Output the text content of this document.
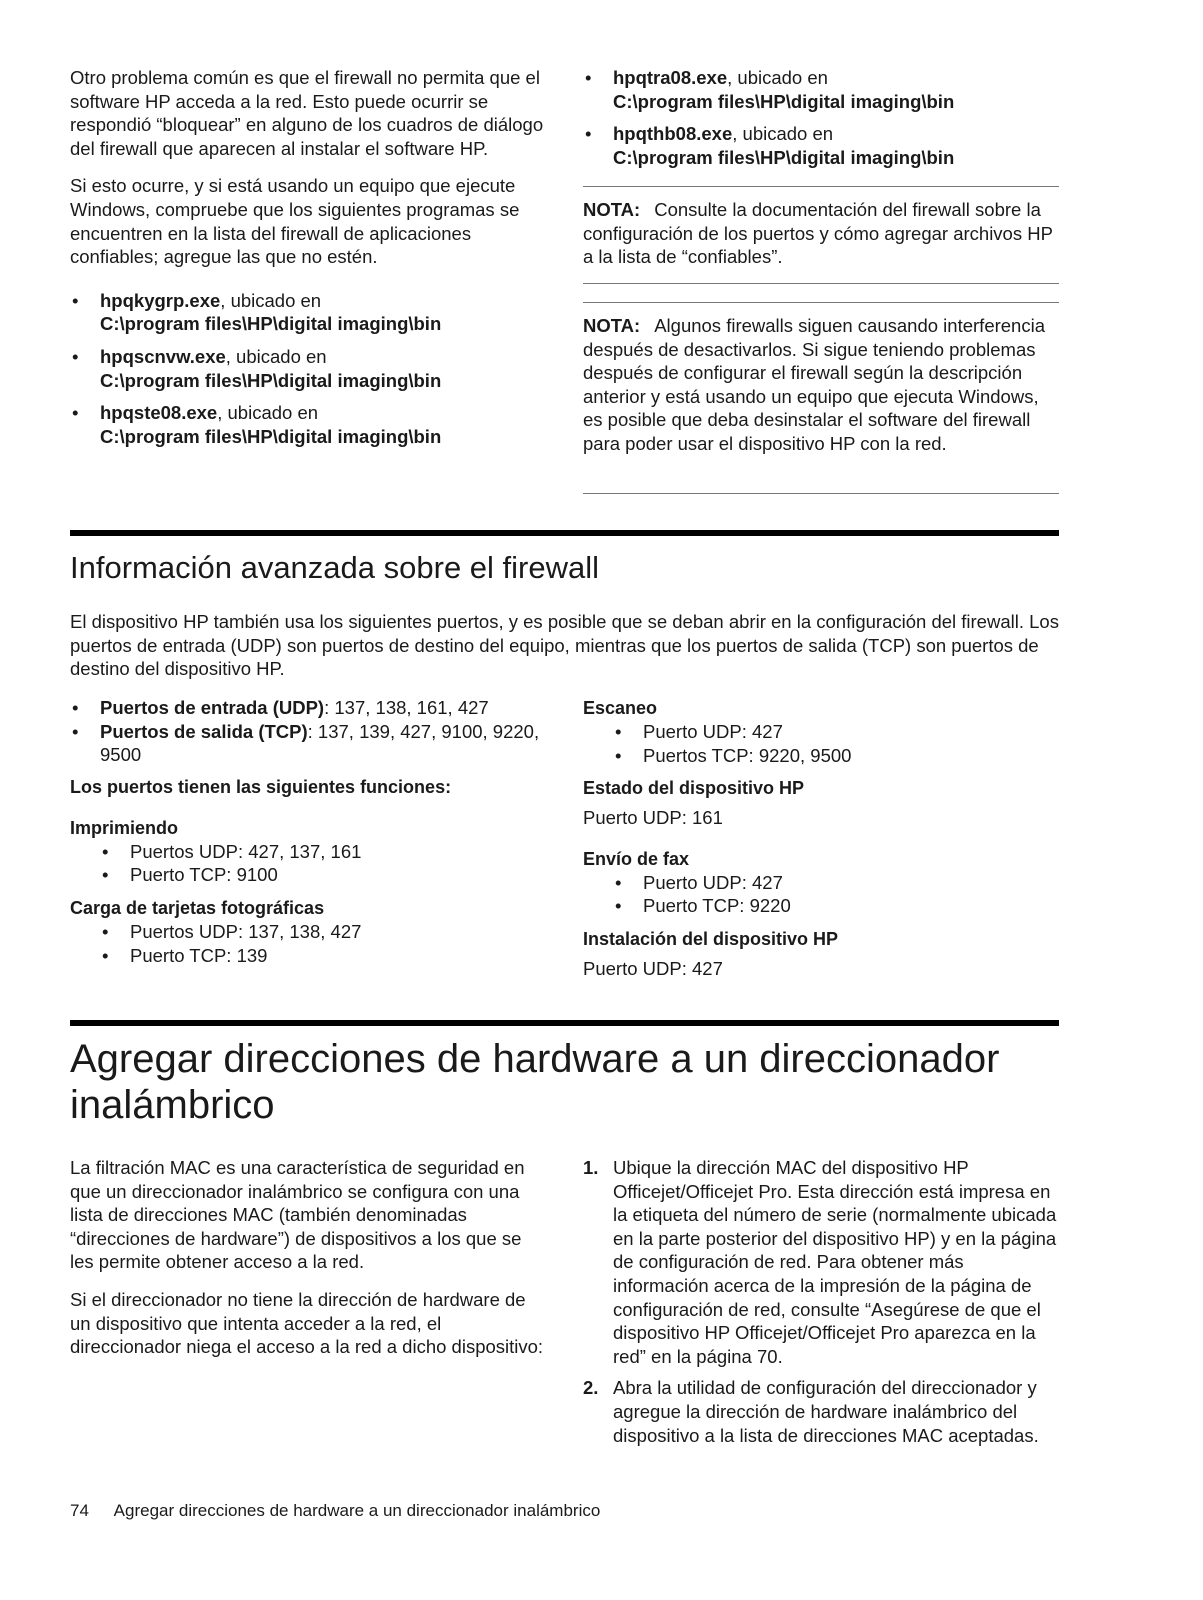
Otro problema común es que el firewall no permita que el software HP acceda a la red. Esto puede ocurrir se respondió “bloquear” en alguno de los cuadros de diálogo del firewall que aparecen al instalar el software HP.

Si esto ocurre, y si está usando un equipo que ejecute Windows, compruebe que los siguientes programas se encuentren en la lista del firewall de aplicaciones confiables; agregue las que no estén.

• hpqkygrp.exe, ubicado en
C:\program files\HP\digital imaging\bin
• hpqscnvw.exe, ubicado en
C:\program files\HP\digital imaging\bin
• hpqste08.exe, ubicado en
C:\program files\HP\digital imaging\bin
• hpqtra08.exe, ubicado en
C:\program files\HP\digital imaging\bin
• hpqthb08.exe, ubicado en
C:\program files\HP\digital imaging\bin

NOTA: Consulte la documentación del firewall sobre la configuración de los puertos y cómo agregar archivos HP a la lista de “confiables”.

NOTA: Algunos firewalls siguen causando interferencia después de desactivarlos. Si sigue teniendo problemas después de configurar el firewall según la descripción anterior y está usando un equipo que ejecuta Windows, es posible que deba desinstalar el software del firewall para poder usar el dispositivo HP con la red.

Información avanzada sobre el firewall

El dispositivo HP también usa los siguientes puertos, y es posible que se deban abrir en la configuración del firewall. Los puertos de entrada (UDP) son puertos de destino del equipo, mientras que los puertos de salida (TCP) son puertos de destino del dispositivo HP.

• Puertos de entrada (UDP): 137, 138, 161, 427
• Puertos de salida (TCP): 137, 139, 427, 9100, 9220, 9500

Los puertos tienen las siguientes funciones:

Imprimiendo

• Puertos UDP: 427, 137, 161
• Puerto TCP: 9100

Carga de tarjetas fotográficas

• Puertos UDP: 137, 138, 427
• Puerto TCP: 139

Escaneo

• Puerto UDP: 427
• Puertos TCP: 9220, 9500

Estado del dispositivo HP

Puerto UDP: 161

Envío de fax

• Puerto UDP: 427
• Puerto TCP: 9220

Instalación del dispositivo HP

Puerto UDP: 427

Agregar direcciones de hardware a un direccionador inalámbrico

La filtración MAC es una característica de seguridad en que un direccionador inalámbrico se configura con una lista de direcciones MAC (también denominadas “direcciones de hardware”) de dispositivos a los que se les permite obtener acceso a la red.

Si el direccionador no tiene la dirección de hardware de un dispositivo que intenta acceder a la red, el direccionador niega el acceso a la red a dicho dispositivo:

1. Ubique la dirección MAC del dispositivo HP Officejet/Officejet Pro. Esta dirección está impresa en la etiqueta del número de serie (normalmente ubicada en la parte posterior del dispositivo HP) y en la página de configuración de red. Para obtener más información acerca de la impresión de la página de configuración de red, consulte “Asegúrese de que el dispositivo HP Officejet/Officejet Pro aparezca en la red” en la página 70.
2. Abra la utilidad de configuración del direccionador y agregue la dirección de hardware inalámbrico del dispositivo a la lista de direcciones MAC aceptadas.
74 Agregar direcciones de hardware a un direccionador inalámbrico
